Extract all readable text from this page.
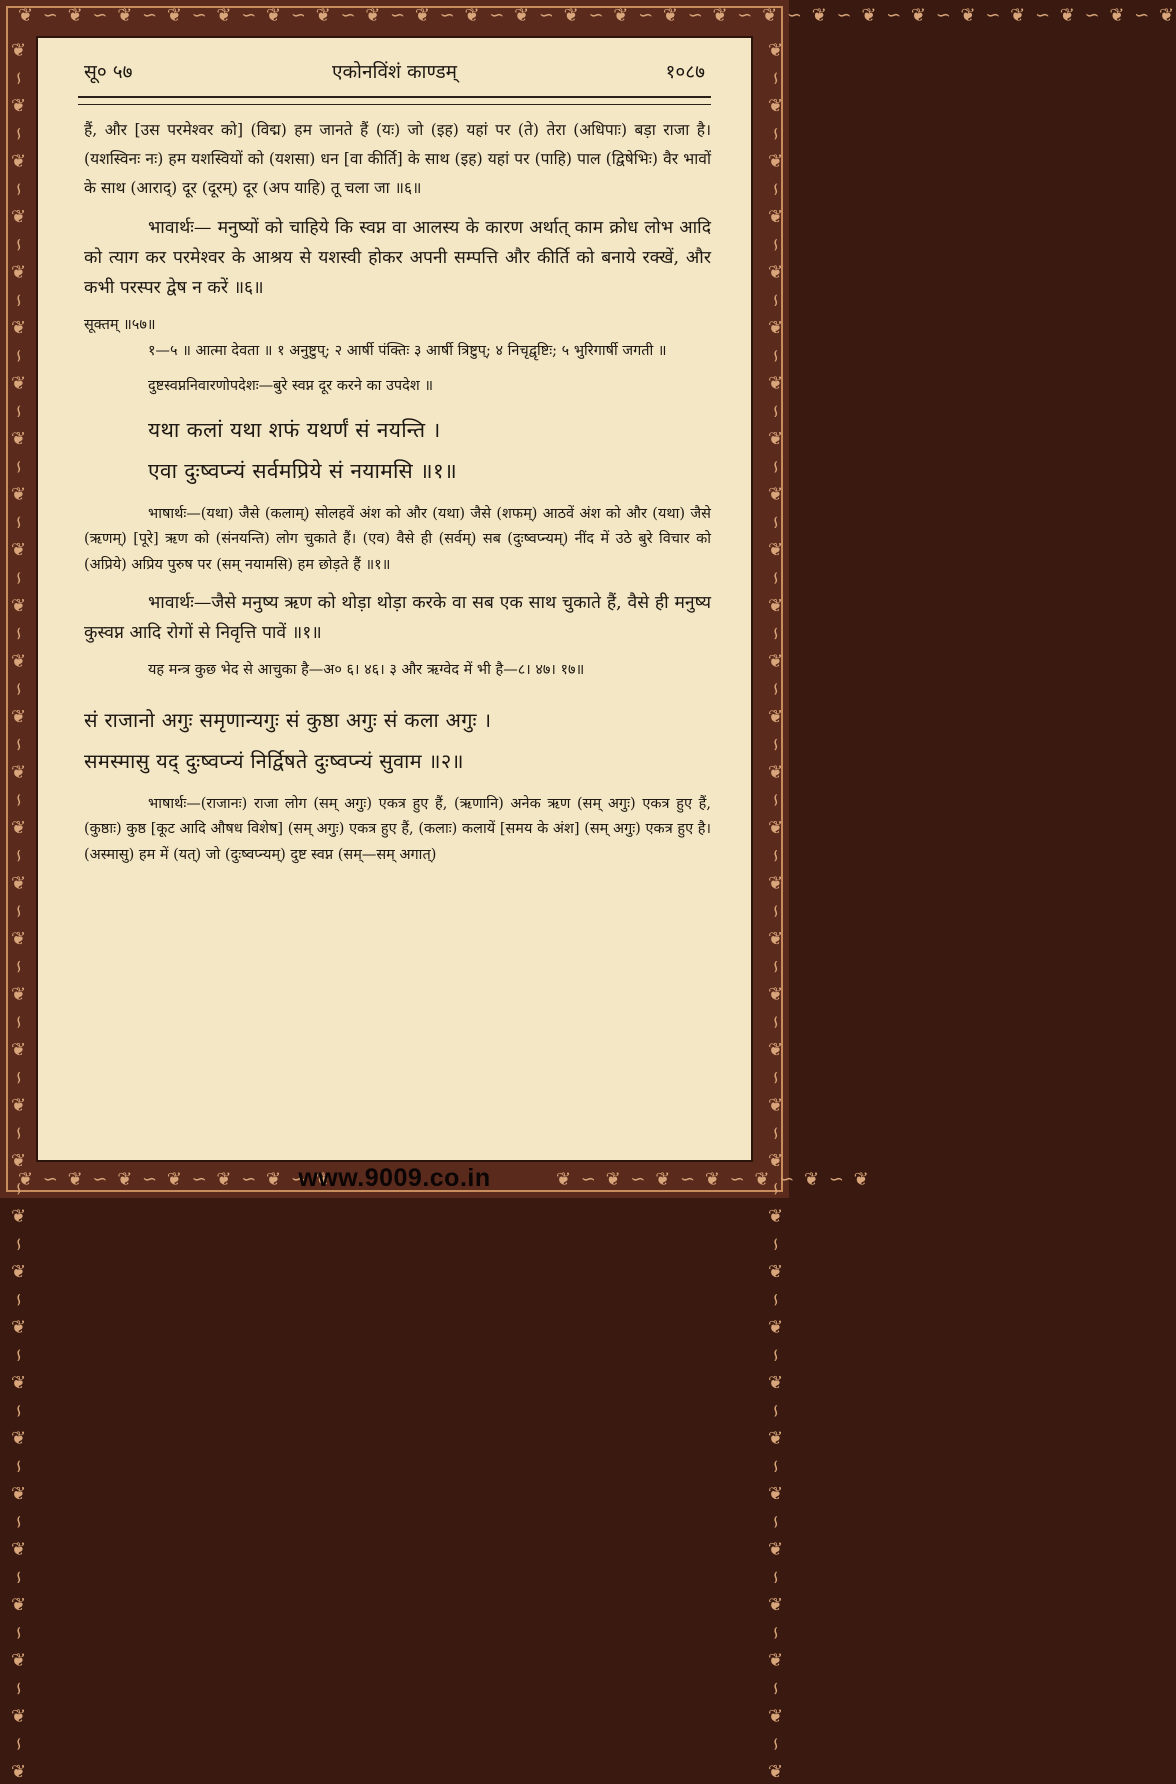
❦ ∽ ❦ ∽ ❦ ∽ ❦ ∽ ❦ ∽ ❦ ∽ ❦ ∽ ❦ ∽ ❦ ∽ ❦ ∽ ❦ ∽ ❦ ∽ ❦ ∽ ❦ ∽ ❦ ∽ ❦ ∽ ❦ ∽ ❦ ∽ ❦ ∽ ❦ ∽ ❦ ∽ ❦ ∽ ❦ ∽ ❦
❦ ∽ ❦ ∽ ❦ ∽ ❦ ∽ ❦ ∽ ❦ ∽ ❦ ∽ ❦ ∽ ❦ ∽ ❦ ∽ ❦ ∽ ❦ ∽ ❦ ∽ ❦ ∽ ❦ ∽ ❦ ∽ ❦ ∽ ❦ ∽ ❦ ∽ ❦ ∽ ❦ ∽ ❦ ∽ ❦ ∽ ❦ ∽ ❦ ∽ ❦ ∽ ❦ ∽ ❦ ∽ ❦ ∽ ❦ ∽ ❦ ∽ ❦	❦ ∽ ❦ ∽ ❦ ∽ ❦ ∽ ❦ ∽ ❦ ∽ ❦ ∽ ❦ ∽ ❦ ∽ ❦ ∽ ❦ ∽ ❦ ∽ ❦ ∽ ❦ ∽ ❦ ∽ ❦ ∽ ❦ ∽ ❦ ∽ ❦ ∽ ❦ ∽ ❦ ∽ ❦ ∽ ❦ ∽ ❦ ∽ ❦ ∽ ❦ ∽ ❦ ∽ ❦ ∽ ❦ ∽ ❦ ∽ ❦ ∽ ❦
❦ ∽ ❦ ∽ ❦ ∽ ❦ ∽ ❦ ∽ ❦ ∽ ❦	❦ ∽ ❦ ∽ ❦ ∽ ❦ ∽ ❦ ∽ ❦ ∽ ❦
सू० ५७	एकोनविंशं काण्डम्	१०८७

हैं, और [उस परमेश्वर को] (विद्म) हम जानते हैं (यः) जो (इह) यहां पर (ते) तेरा (अधिपाः) बड़ा राजा है। (यशस्विनः नः) हम यशस्वियों को (यशसा) धन [वा कीर्ति] के साथ (इह) यहां पर (पाहि) पाल (द्विषेभिः) वैर भावों के साथ (आराद्) दूर (दूरम्) दूर (अप याहि) तू चला जा ॥६॥

भावार्थः— मनुष्यों को चाहिये कि स्वप्न वा आलस्य के कारण अर्थात् काम क्रोध लोभ आदि को त्याग कर परमेश्वर के आश्रय से यशस्वी होकर अपनी सम्पत्ति और कीर्ति को बनाये रक्खें, और कभी परस्पर द्वेष न करें ॥६॥

सूक्तम् ॥५७॥

१—५ ॥ आत्मा देवता ॥ १ अनुष्टुप्; २ आर्षी पंक्तिः ३ आर्षी त्रिष्टुप्; ४ निचृद्वृष्टिः; ५ भुरिगार्षी जगती ॥

दुष्टस्वप्ननिवारणोपदेशः—बुरे स्वप्न दूर करने का उपदेश ॥

यथा कलां यथा शफं यथर्णं सं नयन्ति ।

एवा दुःष्वप्न्यं सर्वमप्रिये सं नयामसि ॥१॥

भाषार्थः—(यथा) जैसे (कलाम्) सोलहवें अंश को और (यथा) जैसे (शफम्) आठवें अंश को और (यथा) जैसे (ऋणम्) [पूरे] ऋण को (संनयन्ति) लोग चुकाते हैं। (एव) वैसे ही (सर्वम्) सब (दुःष्वप्न्यम्) नींद में उठे बुरे विचार को (अप्रिये) अप्रिय पुरुष पर (सम् नयामसि) हम छोड़ते हैं ॥१॥

भावार्थः—जैसे मनुष्य ऋण को थोड़ा थोड़ा करके वा सब एक साथ चुकाते हैं, वैसे ही मनुष्य कुस्वप्न आदि रोगों से निवृत्ति पावें ॥१॥

यह मन्त्र कुछ भेद से आचुका है—अ० ६। ४६। ३ और ऋग्वेद में भी है—८। ४७। १७॥

सं राजानो अगुः समृणान्यगुः सं कुष्ठा अगुः सं कला अगुः ।

समस्मासु यद् दुःष्वप्न्यं निर्द्विषते दुःष्वप्न्यं सुवाम ॥२॥

भाषार्थः—(राजानः) राजा लोग (सम् अगुः) एकत्र हुए हैं, (ऋणानि) अनेक ऋण (सम् अगुः) एकत्र हुए हैं, (कुष्ठाः) कुष्ठ [कूट आदि औषध विशेष] (सम् अगुः) एकत्र हुए हैं, (कलाः) कलायें [समय के अंश] (सम् अगुः) एकत्र हुए है। (अस्मासु) हम में (यत्) जो (दुःष्वप्न्यम्) दुष्ट स्वप्न (सम्—सम् अगात्)

www.9009.co.in
